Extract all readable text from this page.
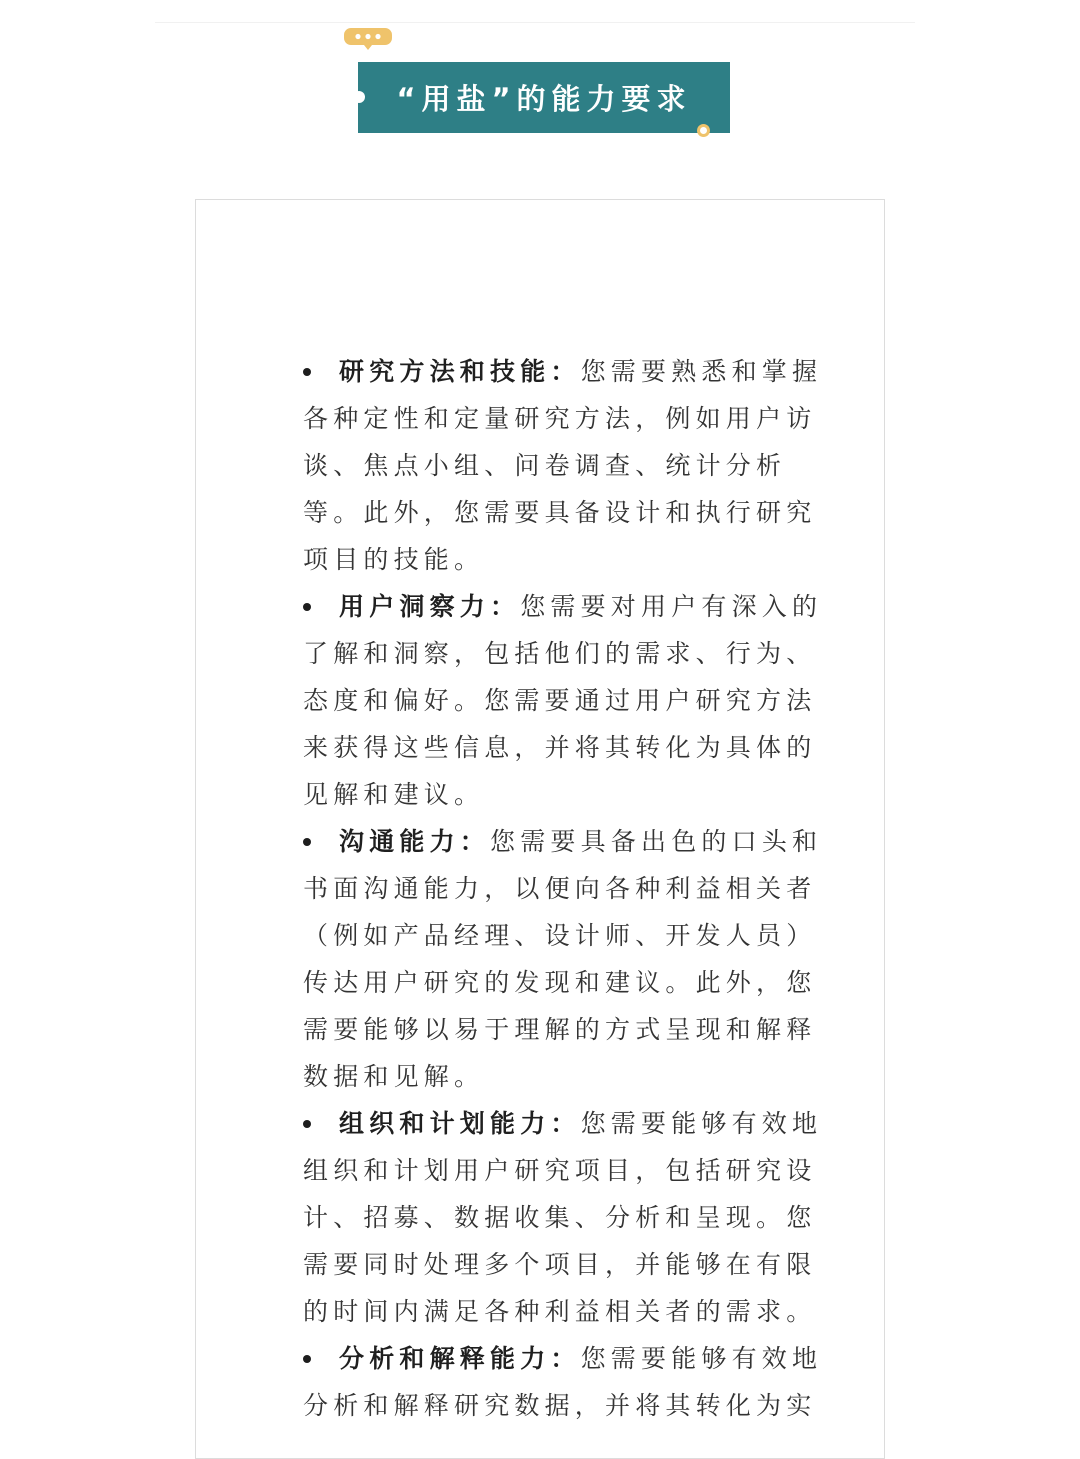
“用盐”的能力要求
研究方法和技能：您需要熟悉和掌握各种定性和定量研究方法，例如用户访谈、焦点小组、问卷调查、统计分析等。此外，您需要具备设计和执行研究项目的技能。
用户洞察力：您需要对用户有深入的了解和洞察，包括他们的需求、行为、态度和偏好。您需要通过用户研究方法来获得这些信息，并将其转化为具体的见解和建议。
沟通能力：您需要具备出色的口头和书面沟通能力，以便向各种利益相关者（例如产品经理、设计师、开发人员）传达用户研究的发现和建议。此外，您需要能够以易于理解的方式呈现和解释数据和见解。
组织和计划能力：您需要能够有效地组织和计划用户研究项目，包括研究设计、招募、数据收集、分析和呈现。您需要同时处理多个项目，并能够在有限的时间内满足各种利益相关者的需求。
分析和解释能力：您需要能够有效地分析和解释研究数据，并将其转化为实
